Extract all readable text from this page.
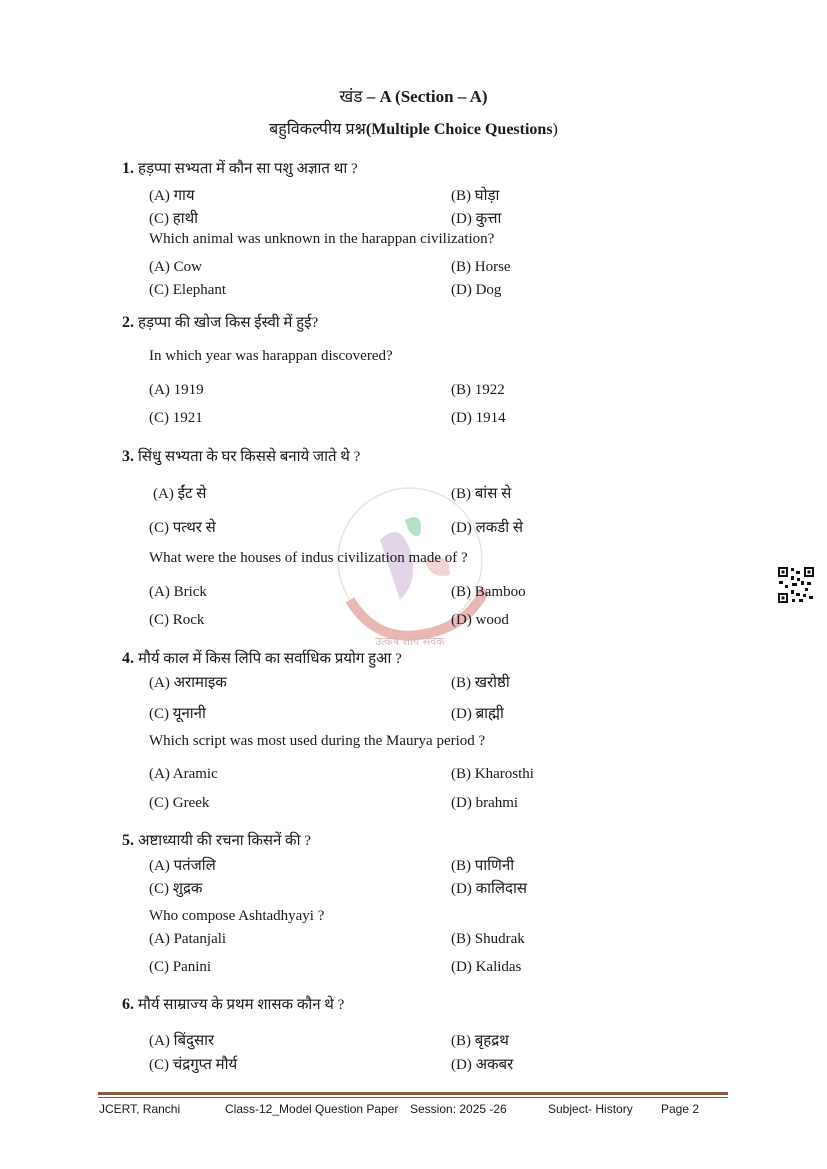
खंड – A (Section – A)
बहुविकल्पीय प्रश्न(Multiple Choice Questions)
उत्कर्ष शौर्य सेवक
1. हड़प्पा सभ्यता में कौन सा पशु अज्ञात था ?
(A) गाय	(B) घोड़ा
(C) हाथी	(D) कुत्ता
Which animal was unknown in the harappan civilization?
(A) Cow	(B) Horse
(C) Elephant	(D) Dog
2. हड़प्पा की खोज किस ईस्वी में हुई?
In which year was harappan discovered?
(A) 1919	(B) 1922
(C) 1921	(D) 1914
3. सिंधु सभ्यता के घर किससे बनाये जाते थे ?
(A) ईंट से	(B) बांस से
(C) पत्थर से	(D) लकडी से
What were the houses of indus civilization made of ?
(A) Brick	(B) Bamboo
(C) Rock	(D) wood
4. मौर्य काल में किस लिपि का सर्वाधिक प्रयोग हुआ ?
(A) अरामाइक	(B) खरोष्ठी
(C) यूनानी	(D) ब्राह्मी
Which script was most used during the Maurya period ?
(A) Aramic	(B) Kharosthi
(C) Greek	(D) brahmi
5. अष्टाध्यायी की रचना किसनें की ?
(A) पतंजलि	(B) पाणिनी
(C) शुद्रक	(D) कालिदास
Who compose Ashtadhyayi ?
(A) Patanjali	(B) Shudrak
(C) Panini	(D) Kalidas
6. मौर्य साम्राज्य के प्रथम शासक कौन थे ?
(A) बिंदुसार	(B) बृहद्रथ
(C) चंद्रगुप्त मौर्य	(D) अकबर
JCERT, Ranchi	Class-12_Model Question Paper Session: 2025 -26	Subject- History Page 2
